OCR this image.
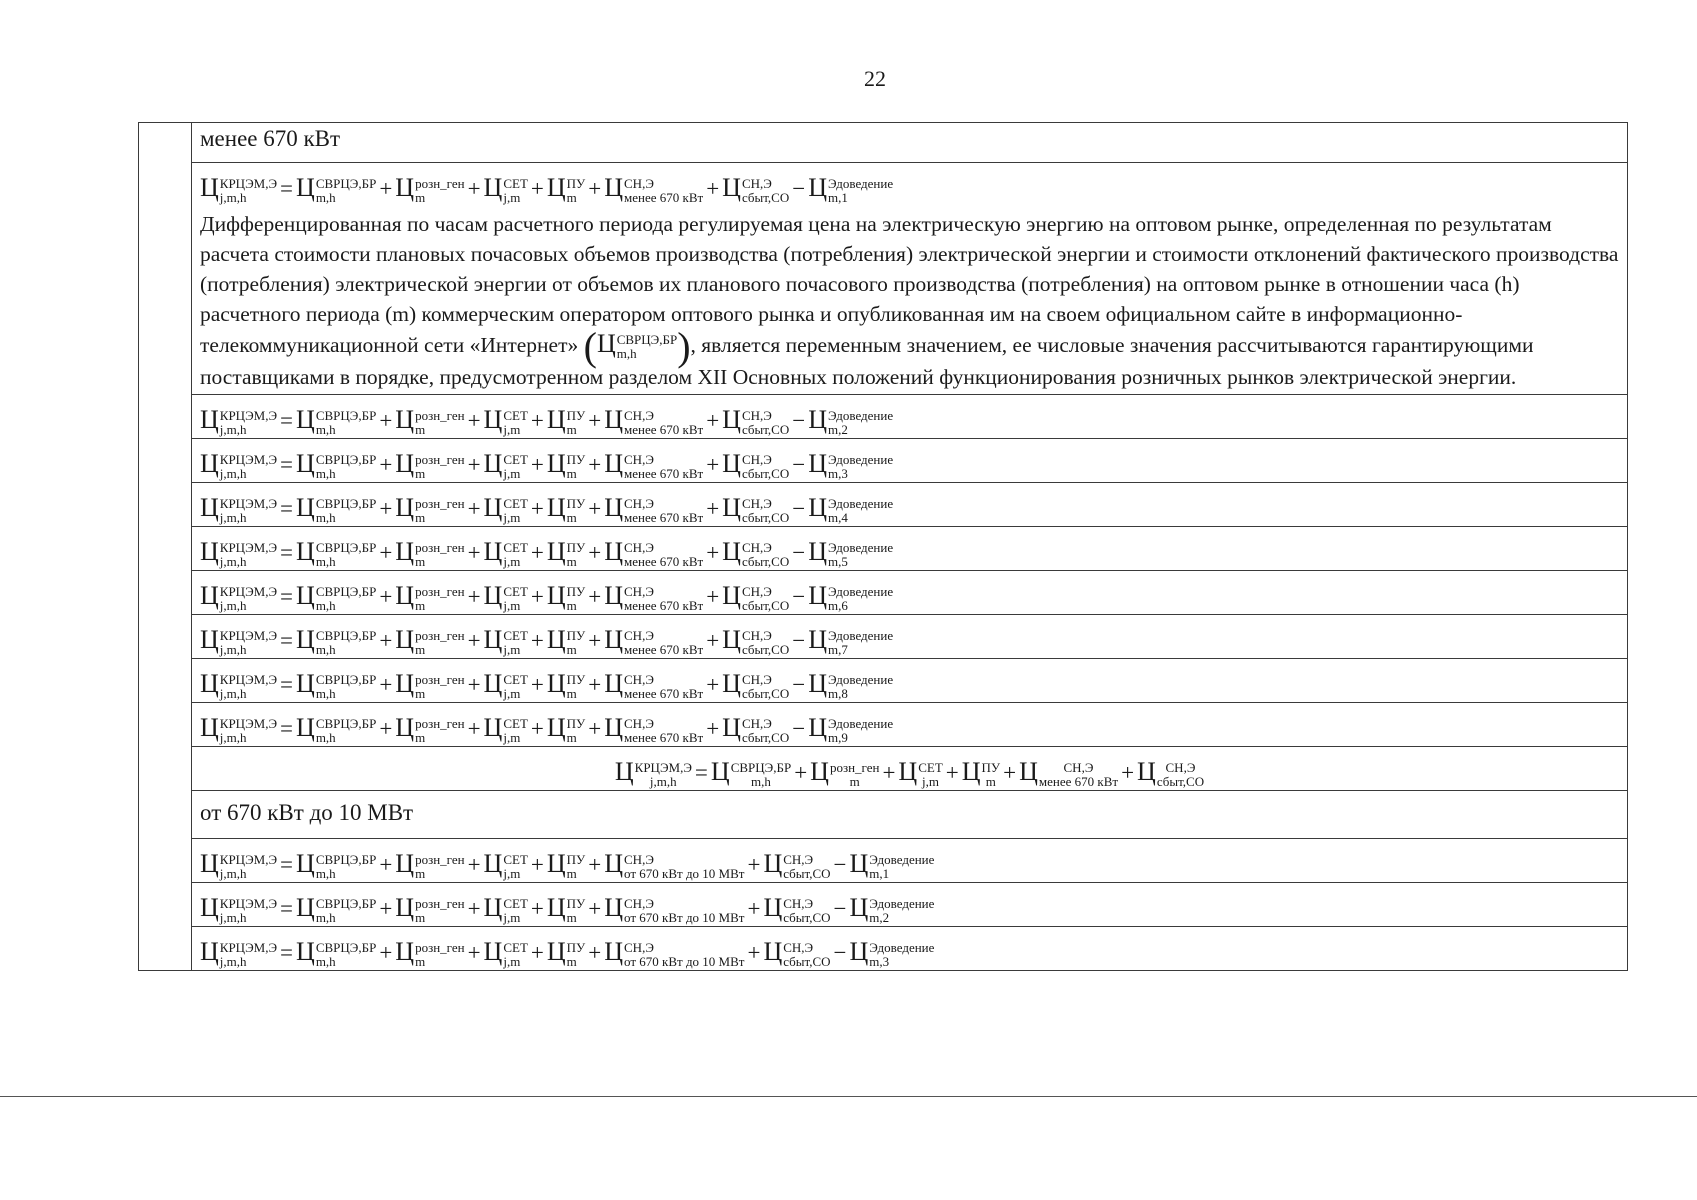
22

менее 670 кВт

Ц КРЦЭМ,Э
j,m,h	= Ц СВРЦЭ,БР
m,h	+ Ц розн_ген
m	+ Ц СЕТ
j,m + Ц ПУ
m + Ц СН,Э
менее 670 кВт + Ц СН,Э
сбыт,СО − Ц Эдоведение
m,1

Дифференцированная по часам расчетного периода регулируемая цена на электрическую энергию на оптовом рынке, определенная по результатам расчета стоимости плановых почасовых объемов производства (потребления) электрической энергии и стоимости отклонений фактического производства (потребления) электрической энергии от объемов их планового почасового производства (потребления) на оптовом рынке в отношении часа (h) расчетного периода (m) коммерческим оператором оптового рынка и опубликованная им на своем официальном сайте в информационно-телекоммуникационной сети «Интернет» (Ц СВРЦЭ,БР
m,h	), является переменным значением, ее числовые значения рассчитываются гарантирующими поставщиками в порядке, предусмотренном разделом XII Основных положений функционирования розничных рынков электрической энергии.

Ц КРЦЭМ,Э
j,m,h	= Ц СВРЦЭ,БР
m,h	+ Ц розн_ген
m	+ Ц СЕТ
j,m + Ц ПУ
m + Ц СН,Э
менее 670 кВт + Ц СН,Э
сбыт,СО − Ц Эдоведение
m,2

Ц КРЦЭМ,Э
j,m,h	= Ц СВРЦЭ,БР
m,h	+ Ц розн_ген
m	+ Ц СЕТ
j,m + Ц ПУ
m + Ц СН,Э
менее 670 кВт + Ц СН,Э
сбыт,СО − Ц Эдоведение
m,3

Ц КРЦЭМ,Э
j,m,h	= Ц СВРЦЭ,БР
m,h	+ Ц розн_ген
m	+ Ц СЕТ
j,m + Ц ПУ
m + Ц СН,Э
менее 670 кВт + Ц СН,Э
сбыт,СО − Ц Эдоведение
m,4

Ц КРЦЭМ,Э
j,m,h	= Ц СВРЦЭ,БР
m,h	+ Ц розн_ген
m	+ Ц СЕТ
j,m + Ц ПУ
m + Ц СН,Э
менее 670 кВт + Ц СН,Э
сбыт,СО − Ц Эдоведение
m,5

Ц КРЦЭМ,Э
j,m,h	= Ц СВРЦЭ,БР
m,h	+ Ц розн_ген
m	+ Ц СЕТ
j,m + Ц ПУ
m + Ц СН,Э
менее 670 кВт + Ц СН,Э
сбыт,СО − Ц Эдоведение
m,6

Ц КРЦЭМ,Э
j,m,h	= Ц СВРЦЭ,БР
m,h	+ Ц розн_ген
m	+ Ц СЕТ
j,m + Ц ПУ
m + Ц СН,Э
менее 670 кВт + Ц СН,Э
сбыт,СО − Ц Эдоведение
m,7

Ц КРЦЭМ,Э
j,m,h	= Ц СВРЦЭ,БР
m,h	+ Ц розн_ген
m	+ Ц СЕТ
j,m + Ц ПУ
m + Ц СН,Э
менее 670 кВт + Ц СН,Э
сбыт,СО − Ц Эдоведение
m,8

Ц КРЦЭМ,Э
j,m,h	= Ц СВРЦЭ,БР
m,h	+ Ц розн_ген
m	+ Ц СЕТ
j,m + Ц ПУ
m + Ц СН,Э
менее 670 кВт + Ц СН,Э
сбыт,СО − Ц Эдоведение
m,9

Ц КРЦЭМ,Э
j,m,h = Ц СВРЦЭ,БР
m,h	+ Ц розн_ген
m + Ц СЕТ
j,m + Ц ПУ
m + Ц	СН,Э
менее 670 кВт + Ц СН,Э
сбыт,СО

от 670 кВт до 10 МВт

Ц КРЦЭМ,Э
j,m,h	= Ц СВРЦЭ,БР
m,h	+ Ц розн_ген
m	+ Ц СЕТ
j,m + Ц ПУ
m + Ц СН,Э
от 670 кВт до 10 МВт + Ц СН,Э
сбыт,СО − Ц Эдоведение
m,1

Ц КРЦЭМ,Э
j,m,h	= Ц СВРЦЭ,БР
m,h	+ Ц розн_ген
m	+ Ц СЕТ
j,m + Ц ПУ
m + Ц СН,Э
от 670 кВт до 10 МВт + Ц СН,Э
сбыт,СО − Ц Эдоведение
m,2

Ц КРЦЭМ,Э
j,m,h	= Ц СВРЦЭ,БР
m,h	+ Ц розн_ген
m	+ Ц СЕТ
j,m + Ц ПУ
m + Ц СН,Э
от 670 кВт до 10 МВт + Ц СН,Э
сбыт,СО − Ц Эдоведение
m,3
